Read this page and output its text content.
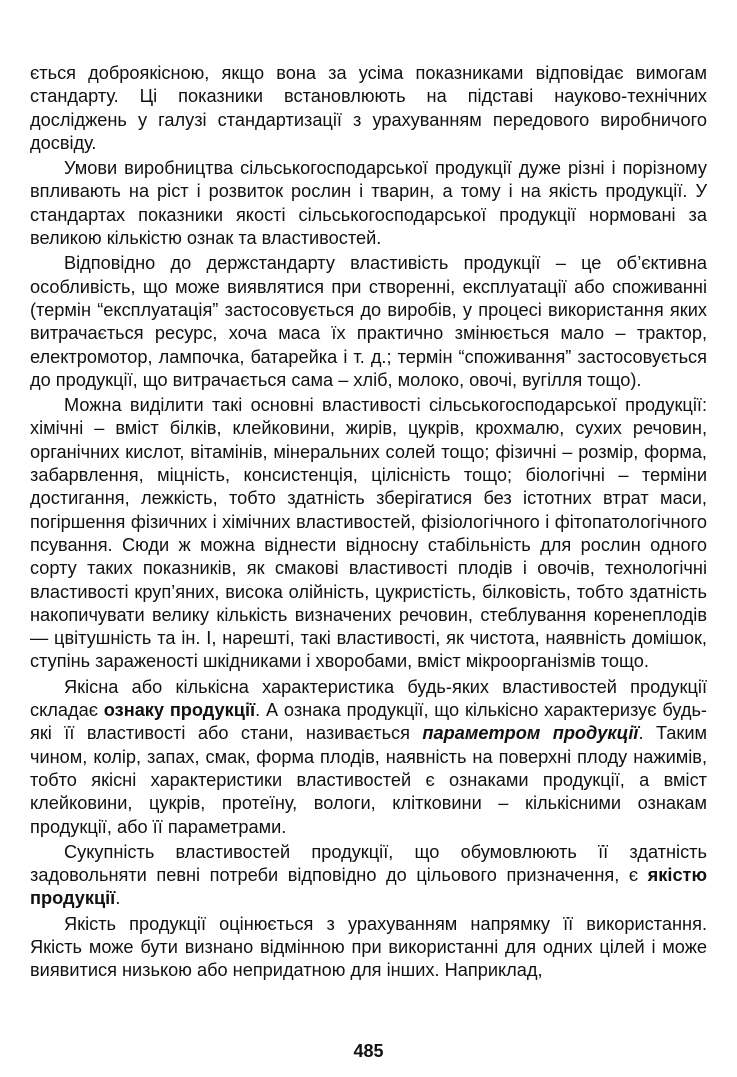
ється доброякісною, якщо вона за усіма показниками відповідає вимогам стандарту. Ці показники встановлюють на підставі науково-технічних досліджень у галузі стандартизації з урахуванням передового виробничого досвіду.

Умови виробництва сільськогосподарської продукції дуже різні і порізному впливають на ріст і розвиток рослин і тварин, а тому і на якість продукції. У стандартах показники якості сільськогосподарської продукції нормовані за великою кількістю ознак та властивостей.

Відповідно до держстандарту властивість продукції – це об’єктивна особливість, що може виявлятися при створенні, експлуатації або споживанні (термін “експлуатація” застосовується до виробів, у процесі використання яких витрачається ресурс, хоча маса їх практично змінюється мало – трактор, електромотор, лампочка, батарейка і т. д.; термін “споживання” застосовується до продукції, що витрачається сама – хліб, молоко, овочі, вугілля тощо).

Можна виділити такі основні властивості сільськогосподарської продукції: хімічні – вміст білків, клейковини, жирів, цукрів, крохмалю, сухих речовин, органічних кислот, вітамінів, мінеральних солей тощо; фізичні – розмір, форма, забарвлення, міцність, консистенція, цілісність тощо; біологічні – терміни достигання, лежкість, тобто здатність зберігатися без істотних втрат маси, погіршення фізичних і хімічних властивостей, фізіологічного і фітопатологічного псування. Сюди ж можна віднести відносну стабільність для рослин одного сорту таких показників, як смакові властивості плодів і овочів, технологічні властивості круп’яних, висока олійність, цукристість, білковість, тобто здатність накопичувати велику кількість визначених речовин, стеблування коренеплодів — цвітушність та ін. І, нарешті, такі властивості, як чистота, наявність домішок, ступінь зараженості шкідниками і хворобами, вміст мікроорганізмів тощо.

Якісна або кількісна характеристика будь-яких властивостей продукції складає ознаку продукції. А ознака продукції, що кількісно характеризує будь-які її властивості або стани, називається параметром продукції. Таким чином, колір, запах, смак, форма плодів, наявність на поверхні плоду нажимів, тобто якісні характеристики властивостей є ознаками продукції, а вміст клейковини, цукрів, протеїну, вологи, клітковини – кількісними ознакам продукції, або її параметрами.

Сукупність властивостей продукції, що обумовлюють її здатність задовольняти певні потреби відповідно до цільового призначення, є якістю продукції.

Якість продукції оцінюється з урахуванням напрямку її використання. Якість може бути визнано відмінною при використанні для одних цілей і може виявитися низькою або непридатною для інших. Наприклад,

485
